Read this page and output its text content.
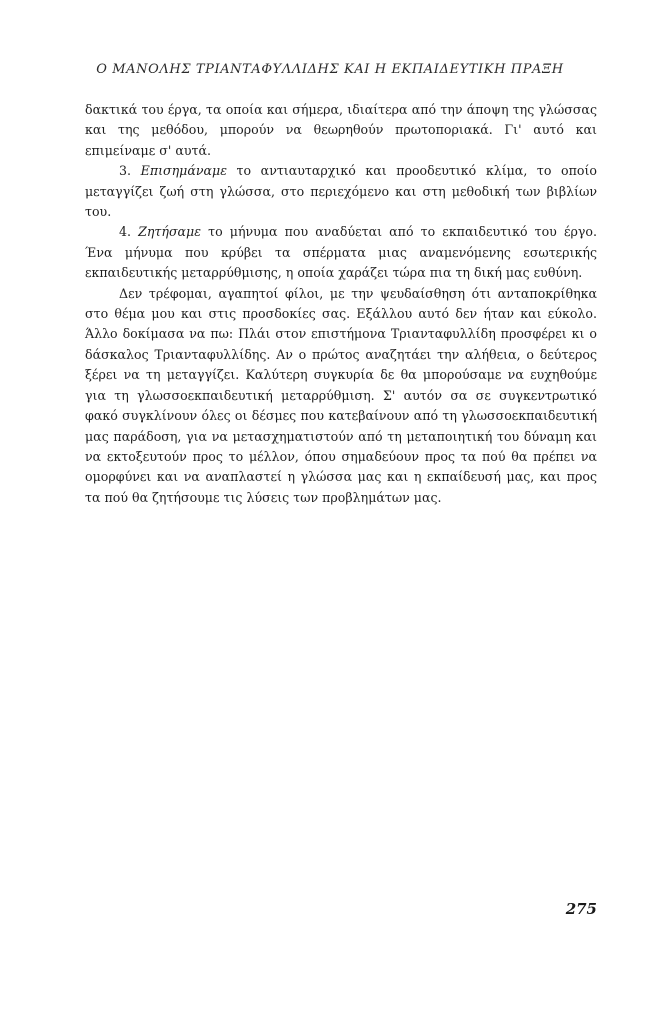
Ο ΜΑΝΟΛΗΣ ΤΡΙΑΝΤΑΦΥΛΛΙΔΗΣ ΚΑΙ Η ΕΚΠΑΙΔΕΥΤΙΚΗ ΠΡΑΞΗ

δακτικά του έργα, τα οποία και σήμερα, ιδιαίτερα από την άποψη της γλώσσας και της μεθόδου, μπορούν να θεωρηθούν πρωτοποριακά. Γι' αυτό και επιμείναμε σ' αυτά.

3. Επισημάναμε το αντιαυταρχικό και προοδευτικό κλίμα, το οποίο μεταγγίζει ζωή στη γλώσσα, στο περιεχόμενο και στη μεθοδική των βιβλίων του.

4. Ζητήσαμε το μήνυμα που αναδύεται από το εκπαιδευτικό του έργο. Ένα μήνυμα που κρύβει τα σπέρματα μιας αναμενόμενης εσωτερικής εκπαιδευτικής μεταρρύθμισης, η οποία χαράζει τώρα πια τη δική μας ευθύνη.

Δεν τρέφομαι, αγαπητοί φίλοι, με την ψευδαίσθηση ότι ανταποκρίθηκα στο θέμα μου και στις προσδοκίες σας. Εξάλλου αυτό δεν ήταν και εύκολο. Άλλο δοκίμασα να πω: Πλάι στον επιστήμονα Τριανταφυλλίδη προσφέρει κι ο δάσκαλος Τριανταφυλλίδης. Αν ο πρώτος αναζητάει την αλήθεια, ο δεύτερος ξέρει να τη μεταγγίζει. Καλύτερη συγκυρία δε θα μπορούσαμε να ευχηθούμε για τη γλωσσοεκπαιδευτική μεταρρύθμιση. Σ' αυτόν σα σε συγκεντρωτικό φακό συγκλίνουν όλες οι δέσμες που κατεβαίνουν από τη γλωσσοεκπαιδευτική μας παράδοση, για να μετασχηματιστούν από τη μεταποιητική του δύναμη και να εκτοξευτούν προς το μέλλον, όπου σημαδεύουν προς τα πού θα πρέπει να ομορφύνει και να αναπλαστεί η γλώσσα μας και η εκπαίδευσή μας, και προς τα πού θα ζητήσουμε τις λύσεις των προβλημάτων μας.

275
